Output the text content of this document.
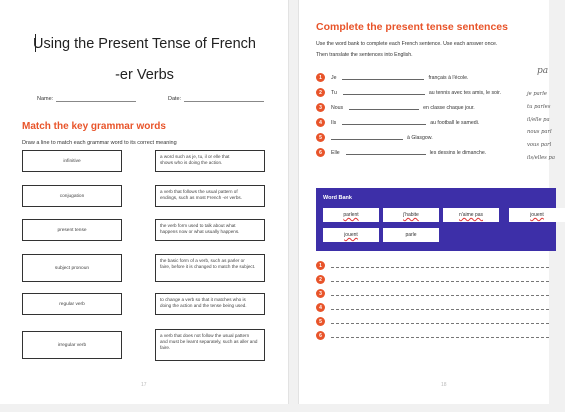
Using the Present Tense of French
-er Verbs
Name:	Date:
Match the key grammar words
Draw a line to match each grammar word to its correct meaning
infinitive
conjugation
present tense
subject pronoun
regular verb
irregular verb
a word such as je, tu, il or elle that
shows who is doing the action.
a verb that follows the usual pattern of
endings, such as most French -er verbs.
the verb form used to talk about what
happens now or what usually happens.
the basic form of a verb, such as parler or
faire, before it is changed to match the subject.
to change a verb so that it matches who is
doing the action and the tense being used.
a verb that does not follow the usual pattern
and must be learnt separately, such as aller and faire.
17
Complete the present tense sentences
Use the word bank to complete each French sentence. Use each answer once.
Then translate the sentences into English.
pa
1	Je	français à l'école.
2	Tu	au tennis avec tes amis, le soir.
3	Nous	en classe chaque jour.
4	Ils	au football le samedi.
5	à Glasgow.
6	Elle	les dessins le dimanche.
je parle
tu parles
il/elle pa
nous parl
vous parl
ils/elles pa
Word Bank
parlent	j'habite	n'aime pas	jouent
jouent	parle
1
2
3
4
5
6
18
